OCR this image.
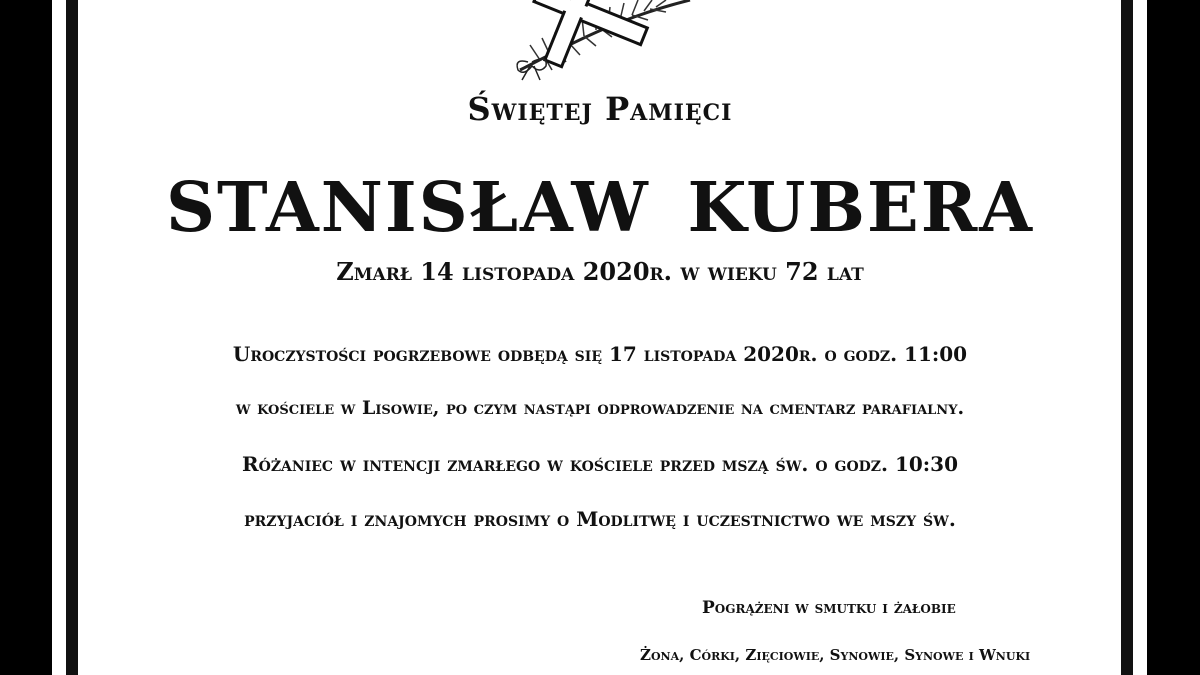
Świętej Pamięci
STANISŁAW KUBERA
Zmarł 14 listopada 2020r. w wieku 72 lat
Uroczystości pogrzebowe odbędą się 17 listopada 2020r. o godz. 11:00
w kościele w Lisowie, po czym nastąpi odprowadzenie na cmentarz parafialny.
Różaniec w intencji zmarłego w kościele przed mszą św. o godz. 10:30
przyjaciół i znajomych prosimy o Modlitwę i uczestnictwo we mszy św.
Pogrążeni w smutku i żałobie
Żona, Córki, Zięciowie, Synowie, Synowe i Wnuki
